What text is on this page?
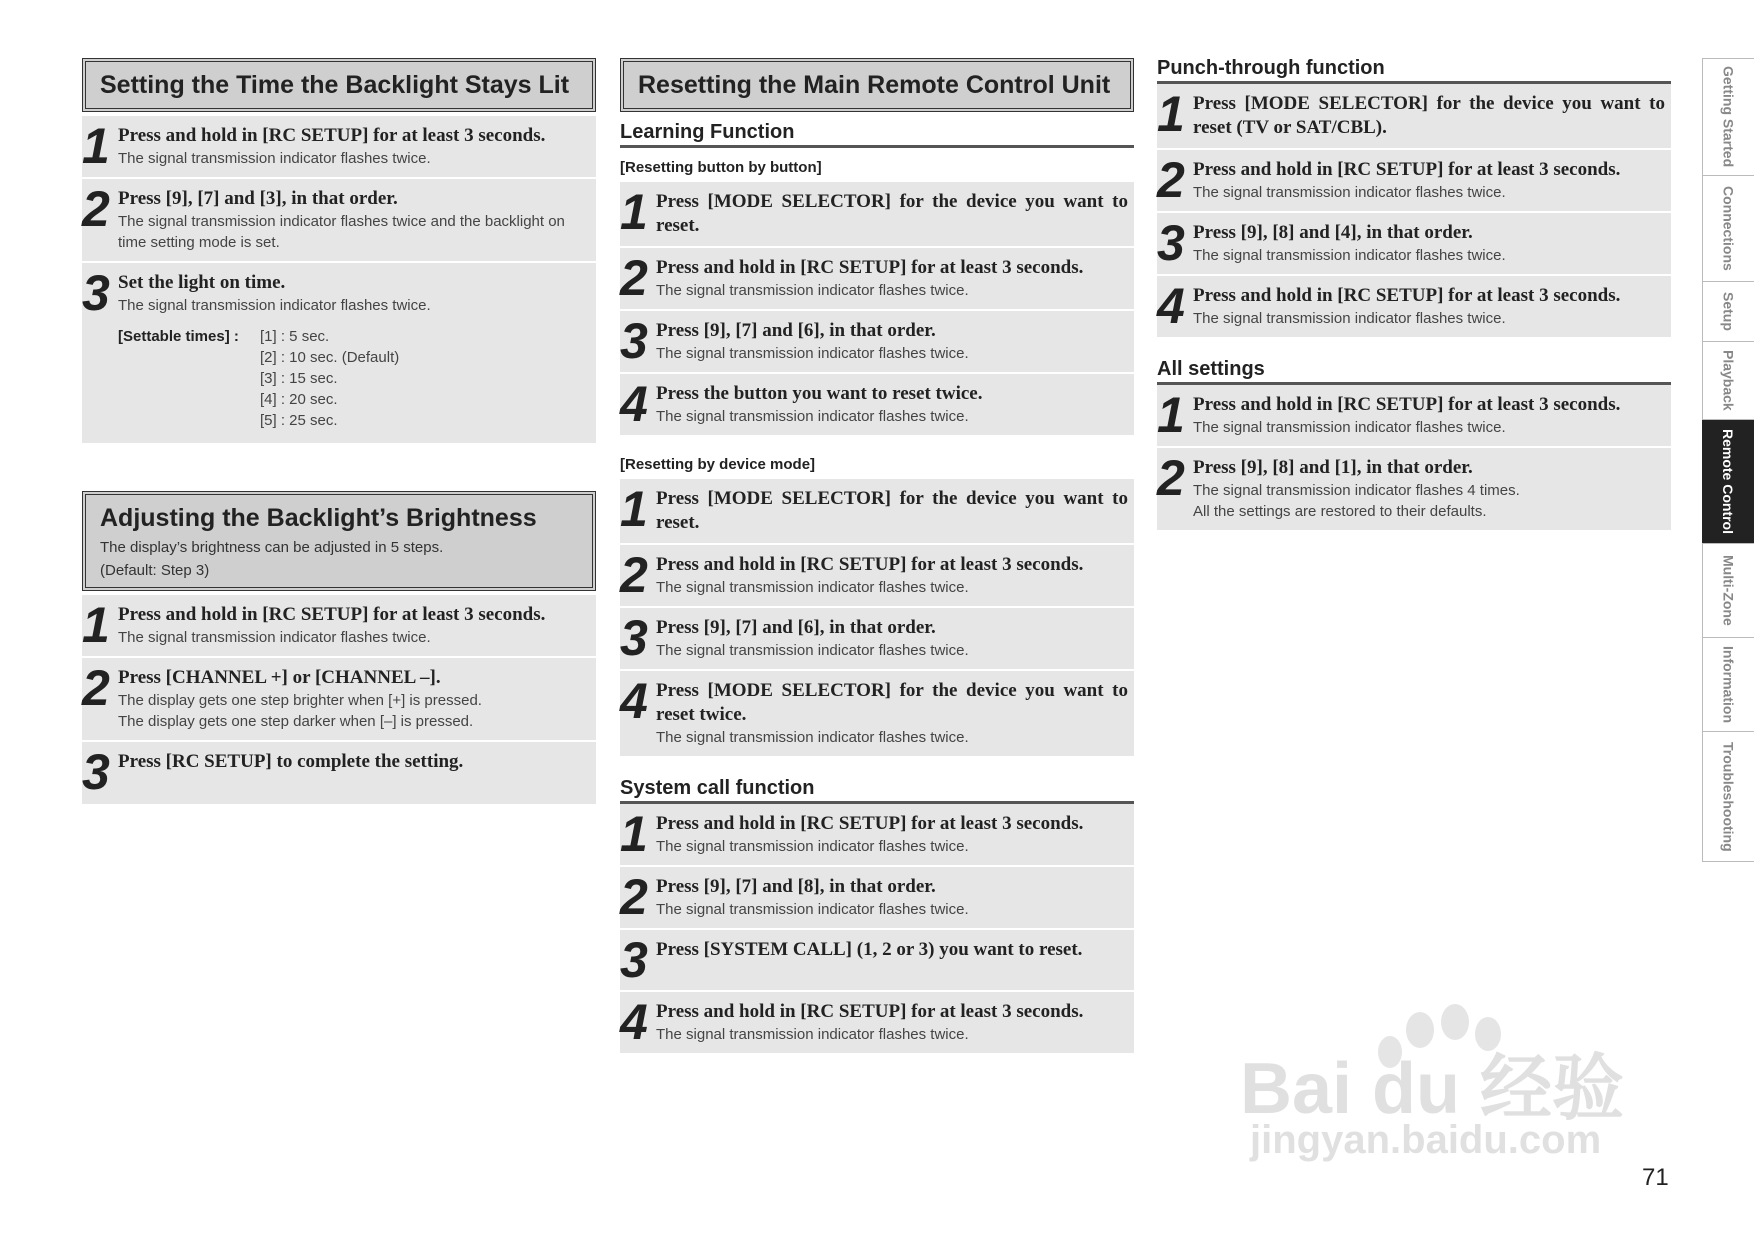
Setting the Time the Backlight Stays Lit
1 Press and hold in [RC SETUP] for at least 3 seconds.
The signal transmission indicator flashes twice.
2 Press [9], [7] and [3], in that order.
The signal transmission indicator flashes twice and the backlight on time setting mode is set.
3 Set the light on time.
The signal transmission indicator flashes twice.
[Settable times] :	[1] : 5 sec.
[2] : 10 sec. (Default)
[3] : 15 sec.
[4] : 20 sec.
[5] : 25 sec.
Adjusting the Backlight’s Brightness
The display’s brightness can be adjusted in 5 steps.
(Default: Step 3)
1 Press and hold in [RC SETUP] for at least 3 seconds.
The signal transmission indicator flashes twice.
2 Press [CHANNEL +] or [CHANNEL –].
The display gets one step brighter when [+] is pressed.
The display gets one step darker when [–] is pressed.
3 Press [RC SETUP] to complete the setting.
Resetting the Main Remote Control Unit
Learning Function
[Resetting button by button]
1 Press [MODE SELECTOR] for the device you want to reset.
2 Press and hold in [RC SETUP] for at least 3 seconds.
The signal transmission indicator flashes twice.
3 Press [9], [7] and [6], in that order.
The signal transmission indicator flashes twice.
4 Press the button you want to reset twice.
The signal transmission indicator flashes twice.
[Resetting by device mode]
1 Press [MODE SELECTOR] for the device you want to reset.
2 Press and hold in [RC SETUP] for at least 3 seconds.
The signal transmission indicator flashes twice.
3 Press [9], [7] and [6], in that order.
The signal transmission indicator flashes twice.
4 Press [MODE SELECTOR] for the device you want to reset twice.
The signal transmission indicator flashes twice.
System call function
1 Press and hold in [RC SETUP] for at least 3 seconds.
The signal transmission indicator flashes twice.
2 Press [9], [7] and [8], in that order.
The signal transmission indicator flashes twice.
3 Press [SYSTEM CALL] (1, 2 or 3) you want to reset.
4 Press and hold in [RC SETUP] for at least 3 seconds.
The signal transmission indicator flashes twice.
Punch-through function
1 Press [MODE SELECTOR] for the device you want to reset (TV or SAT/CBL).
2 Press and hold in [RC SETUP] for at least 3 seconds.
The signal transmission indicator flashes twice.
3 Press [9], [8] and [4], in that order.
The signal transmission indicator flashes twice.
4 Press and hold in [RC SETUP] for at least 3 seconds.
The signal transmission indicator flashes twice.
All settings
1 Press and hold in [RC SETUP] for at least 3 seconds.
The signal transmission indicator flashes twice.
2 Press [9], [8] and [1], in that order.
The signal transmission indicator flashes 4 times.
All the settings are restored to their defaults.
Getting Started
Connections
Setup
Playback
Remote Control
Multi-Zone
Information
Troubleshooting
Bai du 经验
jingyan.baidu.com
71
